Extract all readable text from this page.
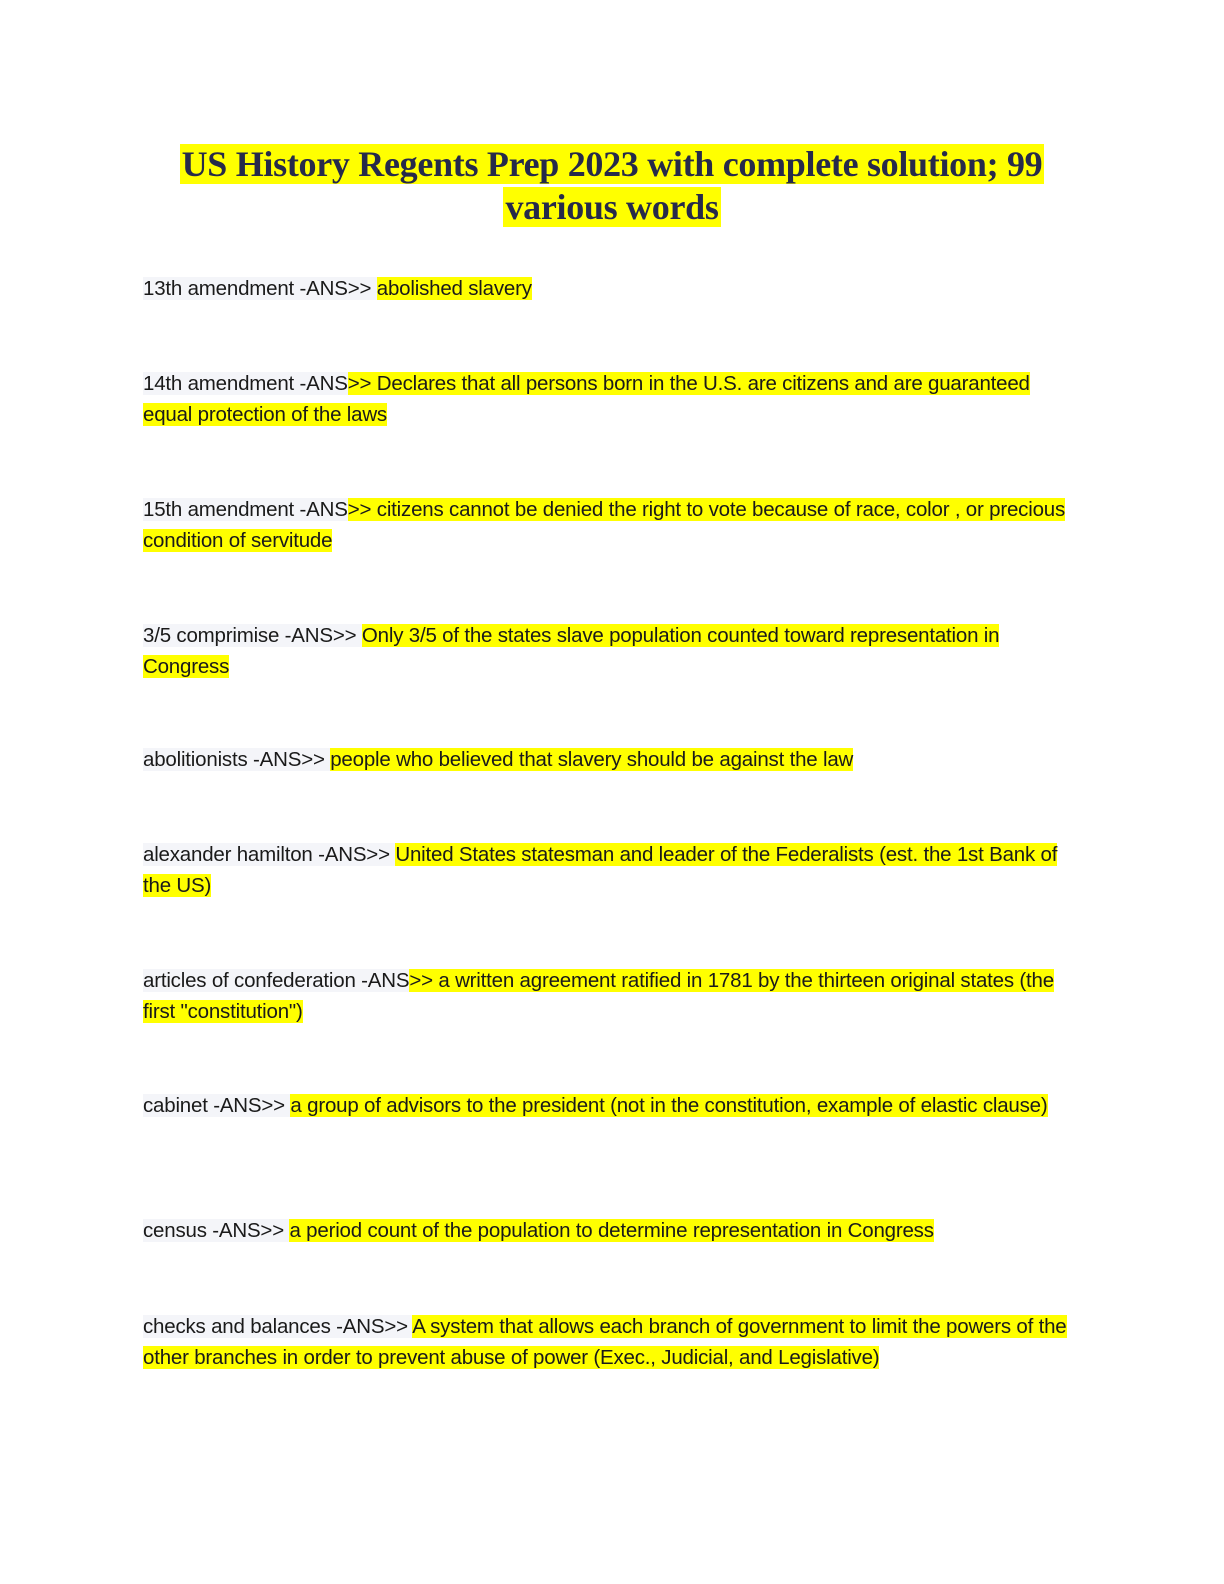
US History Regents Prep 2023 with complete solution; 99
various words
13th amendment -ANS>> abolished slavery
14th amendment -ANS>> Declares that all persons born in the U.S. are citizens and are guaranteed equal protection of the laws
15th amendment -ANS>> citizens cannot be denied the right to vote because of race, color , or precious condition of servitude
3/5 comprimise -ANS>> Only 3/5 of the states slave population counted toward representation in Congress
abolitionists -ANS>> people who believed that slavery should be against the law
alexander hamilton -ANS>> United States statesman and leader of the Federalists (est. the 1st Bank of the US)
articles of confederation -ANS>> a written agreement ratified in 1781 by the thirteen original states (the first "constitution")
cabinet -ANS>> a group of advisors to the president (not in the constitution, example of elastic clause)
census -ANS>> a period count of the population to determine representation in Congress
checks and balances -ANS>> A system that allows each branch of government to limit the powers of the other branches in order to prevent abuse of power (Exec., Judicial, and Legislative)
